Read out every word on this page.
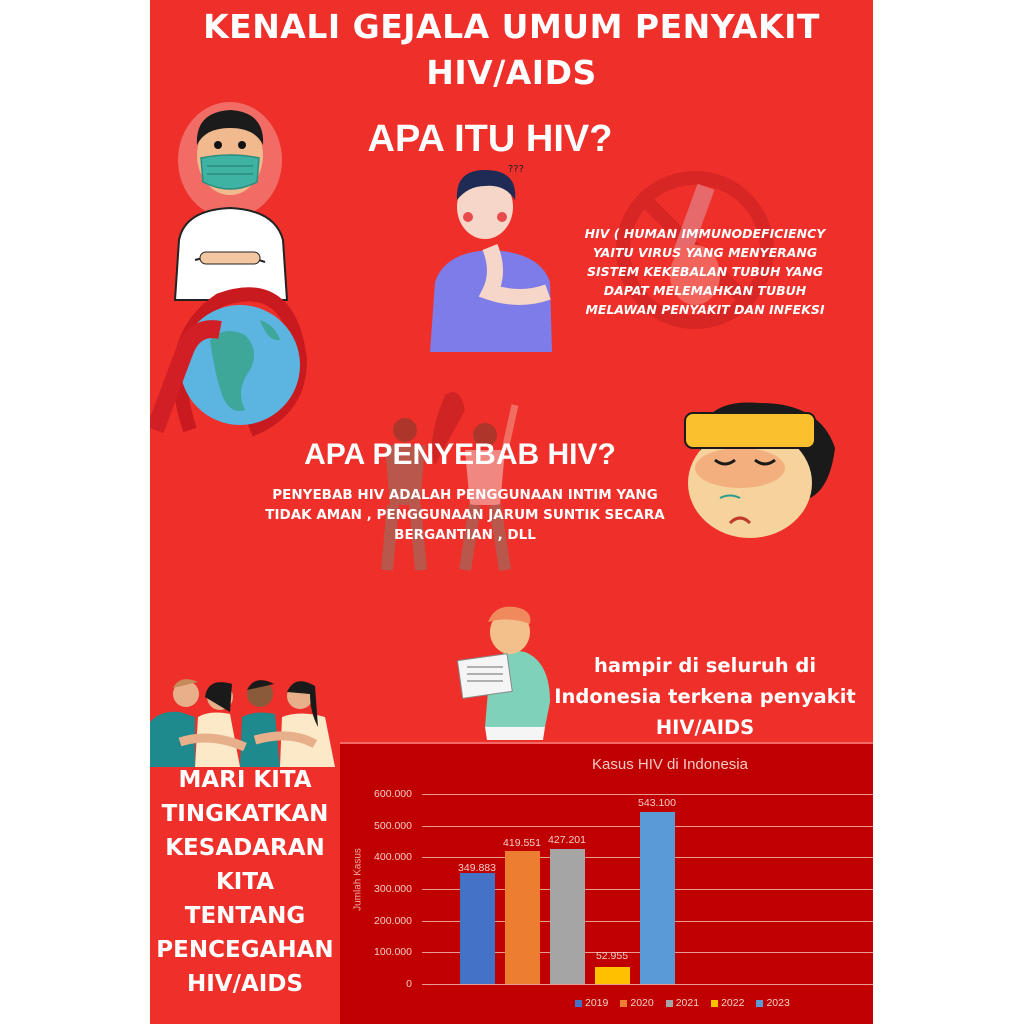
KENALI GEJALA UMUM PENYAKIT
HIV/AIDS
APA ITU HIV?
???
HIV ( HUMAN IMMUNODEFICIENCY
YAITU VIRUS YANG MENYERANG
SISTEM KEKEBALAN TUBUH YANG
DAPAT MELEMAHKAN TUBUH
MELAWAN PENYAKIT DAN INFEKSI
APA PENYEBAB HIV?
PENYEBAB HIV ADALAH PENGGUNAAN INTIM YANG
TIDAK AMAN , PENGGUNAAN JARUM SUNTIK SECARA
BERGANTIAN , DLL
hampir di seluruh di
Indonesia terkena penyakit
HIV/AIDS
MARI KITA
TINGKATKAN
KESADARAN
KITA
TENTANG
PENCEGAHAN
HIV/AIDS
Kasus HIV di Indonesia
Jumlah Kasus
600.000
500.000
400.000
300.000
200.000
100.000
0
349.883
419.551 427.201
52.955
543.100
2019 2020 2021 2022 2023
